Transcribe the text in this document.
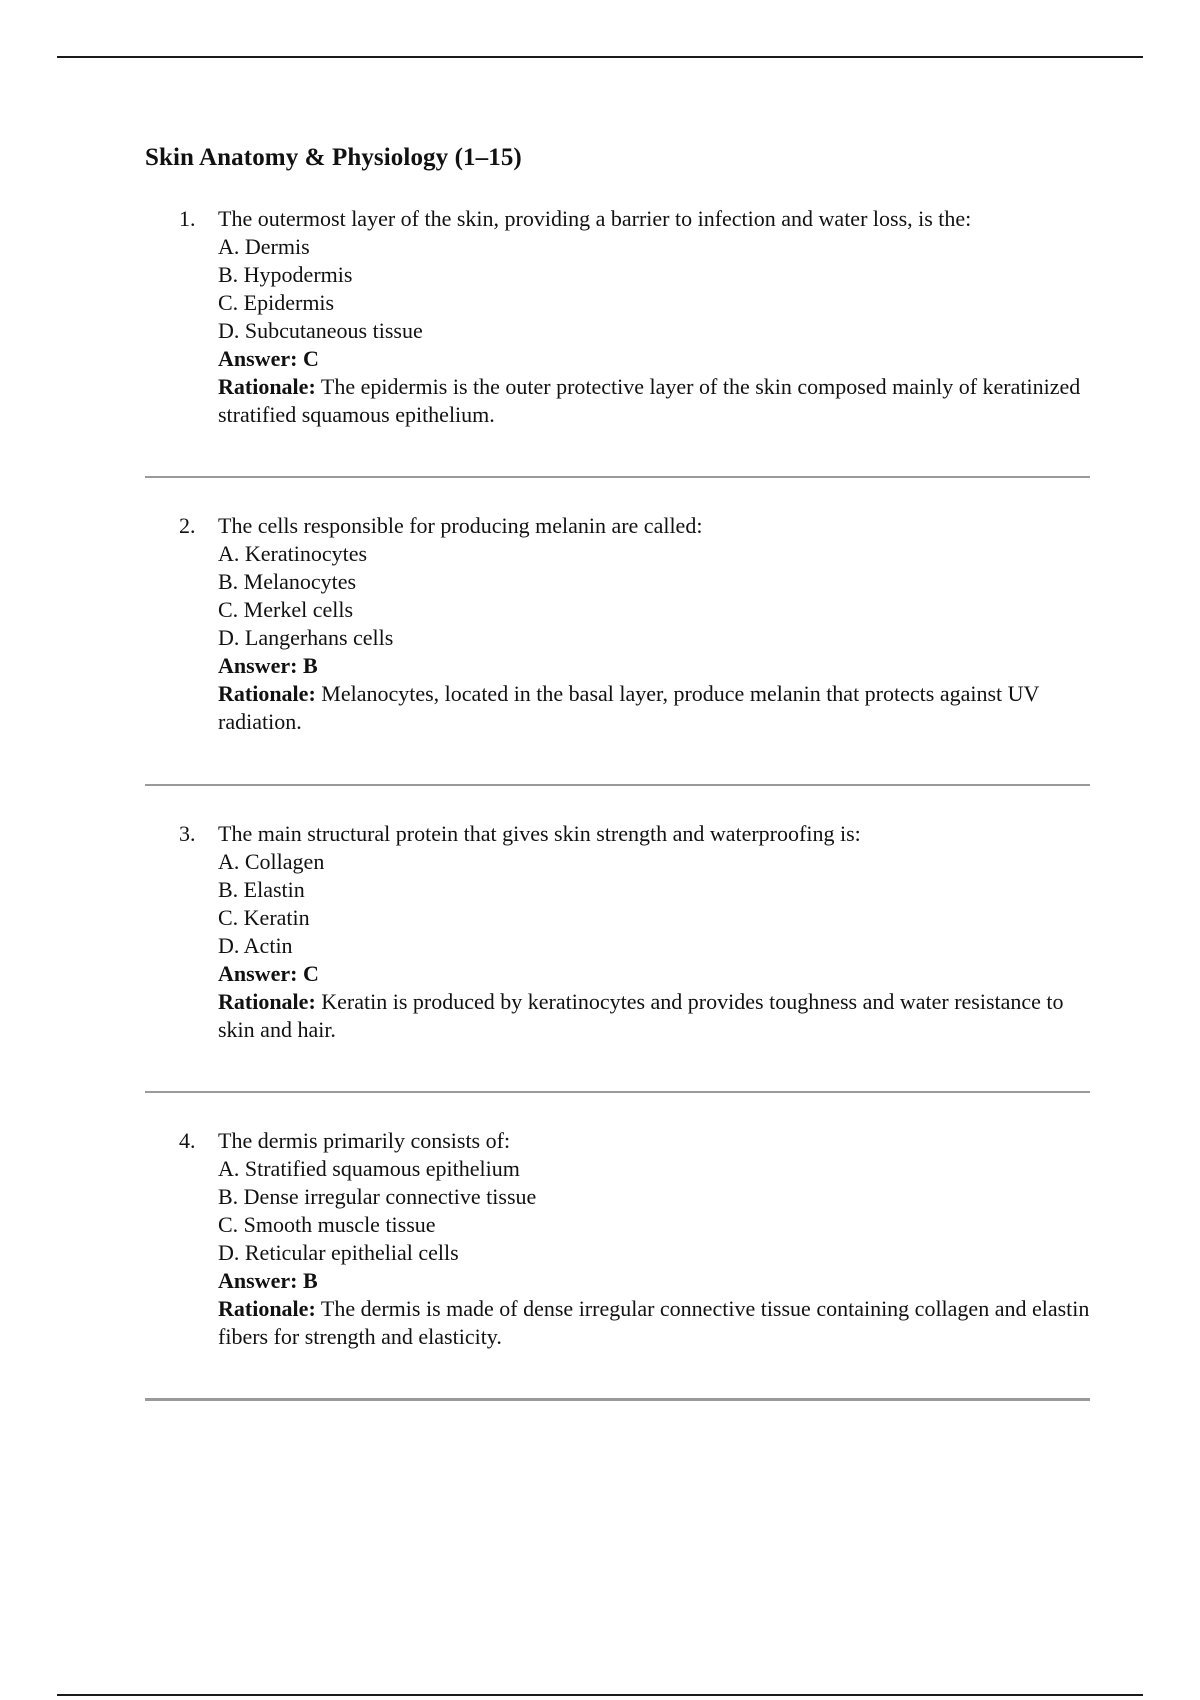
Skin Anatomy & Physiology (1–15)
1. The outermost layer of the skin, providing a barrier to infection and water loss, is the:
A. Dermis
B. Hypodermis
C. Epidermis
D. Subcutaneous tissue
Answer: C
Rationale: The epidermis is the outer protective layer of the skin composed mainly of keratinized stratified squamous epithelium.
2. The cells responsible for producing melanin are called:
A. Keratinocytes
B. Melanocytes
C. Merkel cells
D. Langerhans cells
Answer: B
Rationale: Melanocytes, located in the basal layer, produce melanin that protects against UV radiation.
3. The main structural protein that gives skin strength and waterproofing is:
A. Collagen
B. Elastin
C. Keratin
D. Actin
Answer: C
Rationale: Keratin is produced by keratinocytes and provides toughness and water resistance to skin and hair.
4. The dermis primarily consists of:
A. Stratified squamous epithelium
B. Dense irregular connective tissue
C. Smooth muscle tissue
D. Reticular epithelial cells
Answer: B
Rationale: The dermis is made of dense irregular connective tissue containing collagen and elastin fibers for strength and elasticity.
